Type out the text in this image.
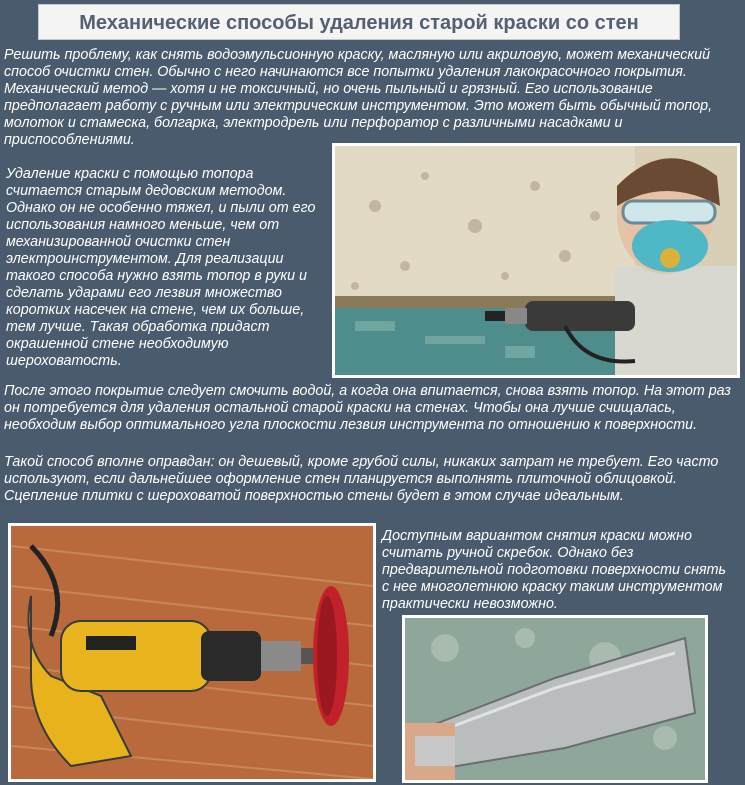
Механические способы удаления старой краски со стен

Решить проблему, как снять водоэмульсионную краску, масляную или акриловую, может механический способ очистки стен. Обычно с него начинаются все попытки удаления лакокрасочного покрытия. Механический метод — хотя и не токсичный, но очень пыльный и грязный. Его использование предполагает работу с ручным или электрическим инструментом. Это может быть обычный топор, молоток и стамеска, болгарка, электродрель или перфоратор с различными насадками и приспособлениями.

Удаление краски с помощью топора считается старым дедовским методом. Однако он не особенно тяжел, и пыли от его использования намного меньше, чем от механизированной очистки стен электроинструментом. Для реализации такого способа нужно взять топор в руки и сделать ударами его лезвия множество коротких насечек на стене, чем их больше, тем лучше. Такая обработка придаст окрашенной стене необходимую шероховатость.

После этого покрытие следует смочить водой, а когда она впитается, снова взять топор. На этот раз он потребуется для удаления остальной старой краски на стенах. Чтобы она лучше счищалась, необходим выбор оптимального угла плоскости лезвия инструмента по отношению к поверхности.

Такой способ вполне оправдан: он дешевый, кроме грубой силы, никаких затрат не требует. Его часто используют, если дальнейшее оформление стен планируется выполнять плиточной облицовкой. Сцепление плитки с шероховатой поверхностью стены будет в этом случае идеальным.

Доступным вариантом снятия краски можно считать ручной скребок. Однако без предварительной подготовки поверхности снять с нее многолетнюю краску таким инструментом практически невозможно.
